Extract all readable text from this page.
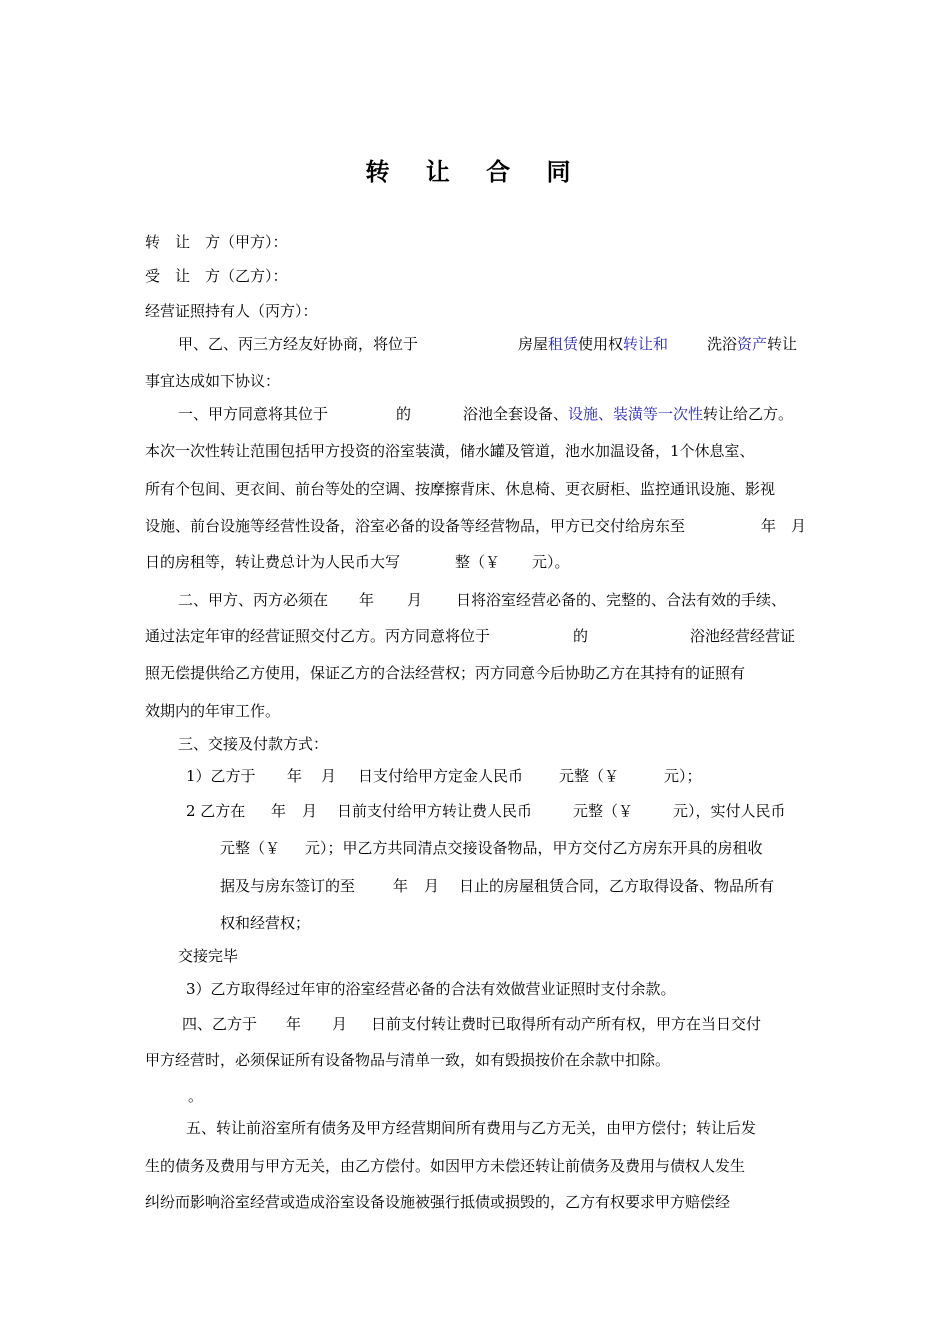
转 让 合 同
转　让　方（甲方）：
受　让　方（乙方）：
经营证照持有人（丙方）：
甲、乙、丙三方经友好协商，将位于	房屋租赁使用权转让和	洗浴资产转让
事宜达成如下协议：
一、甲方同意将其位于	的	浴池全套设备、设施、装潢等一次性转让给乙方。
本次一次性转让范围包括甲方投资的浴室装潢，储水罐及管道，池水加温设备，1个休息室、
所有个包间、更衣间、前台等处的空调、按摩擦背床、休息椅、更衣厨柜、监控通讯设施、影视
设施、前台设施等经营性设备，浴室必备的设备等经营物品，甲方已交付给房东至	年 月
日的房租等，转让费总计为人民币大写	整（￥ 元）。
二、甲方、丙方必须在 年 月 日将浴室经营必备的、完整的、合法有效的手续、
通过法定年审的经营证照交付乙方。丙方同意将位于	的	浴池经营经营证
照无偿提供给乙方使用，保证乙方的合法经营权；丙方同意今后协助乙方在其持有的证照有
效期内的年审工作。
三、交接及付款方式：
1）乙方于 年 月 日支付给甲方定金人民币 元整（￥	元）；
2 乙方在 年 月 日前支付给甲方转让费人民币	元整（￥	元），实付人民币
元整（￥ 元）；甲乙方共同清点交接设备物品，甲方交付乙方房东开具的房租收
据及与房东签订的至	年 月 日止的房屋租赁合同，乙方取得设备、物品所有
权和经营权；
交接完毕
3）乙方取得经过年审的浴室经营必备的合法有效做营业证照时支付余款。
四、乙方于 年 月 日前支付转让费时已取得所有动产所有权，甲方在当日交付
甲方经营时，必须保证所有设备物品与清单一致，如有毁损按价在余款中扣除。
。
五、转让前浴室所有债务及甲方经营期间所有费用与乙方无关，由甲方偿付；转让后发
生的债务及费用与甲方无关，由乙方偿付。如因甲方未偿还转让前债务及费用与债权人发生
纠纷而影响浴室经营或造成浴室设备设施被强行抵债或损毁的，乙方有权要求甲方赔偿经
